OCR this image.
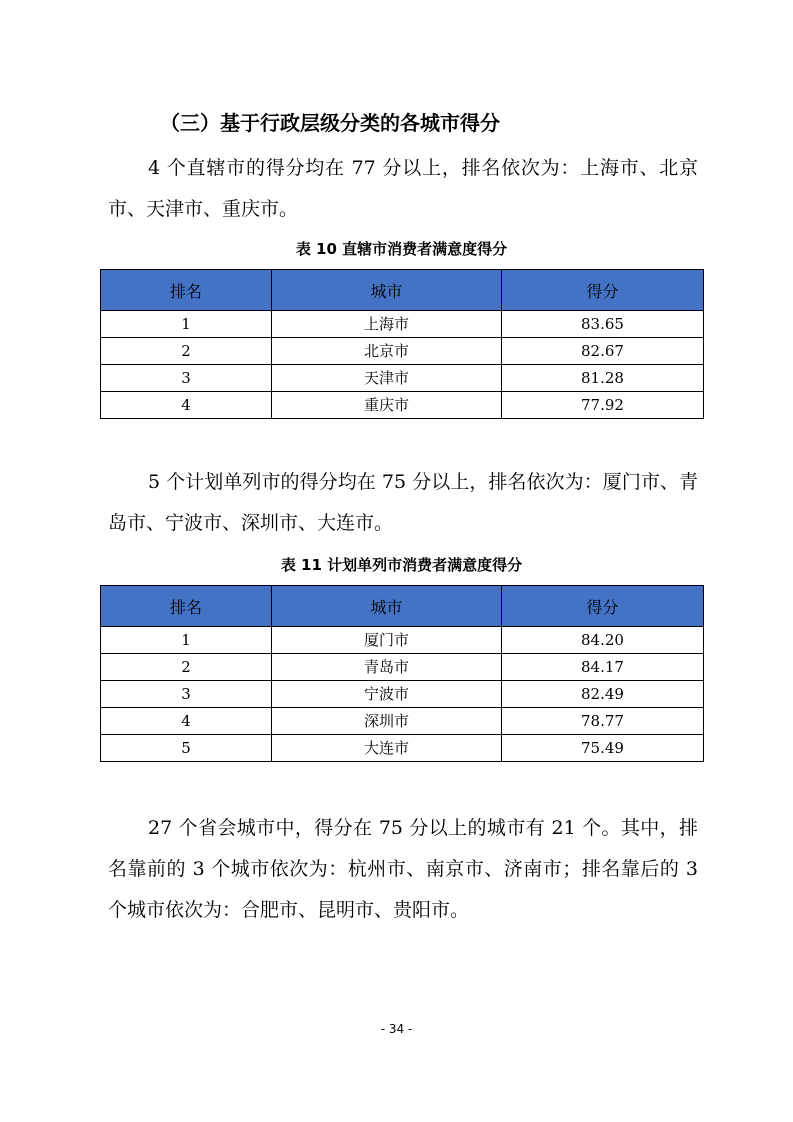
（三）基于行政层级分类的各城市得分

4 个直辖市的得分均在 77 分以上，排名依次为：上海市、北京市、天津市、重庆市。

表 10 直辖市消费者满意度得分
排名	城市	得分
1	上海市	83.65
2	北京市	82.67
3	天津市	81.28
4	重庆市	77.92

5 个计划单列市的得分均在 75 分以上，排名依次为：厦门市、青岛市、宁波市、深圳市、大连市。

表 11 计划单列市消费者满意度得分
排名	城市	得分
1	厦门市	84.20
2	青岛市	84.17
3	宁波市	82.49
4	深圳市	78.77
5	大连市	75.49

27 个省会城市中，得分在 75 分以上的城市有 21 个。其中，排名靠前的 3 个城市依次为：杭州市、南京市、济南市；排名靠后的 3 个城市依次为：合肥市、昆明市、贵阳市。

- 34 -
